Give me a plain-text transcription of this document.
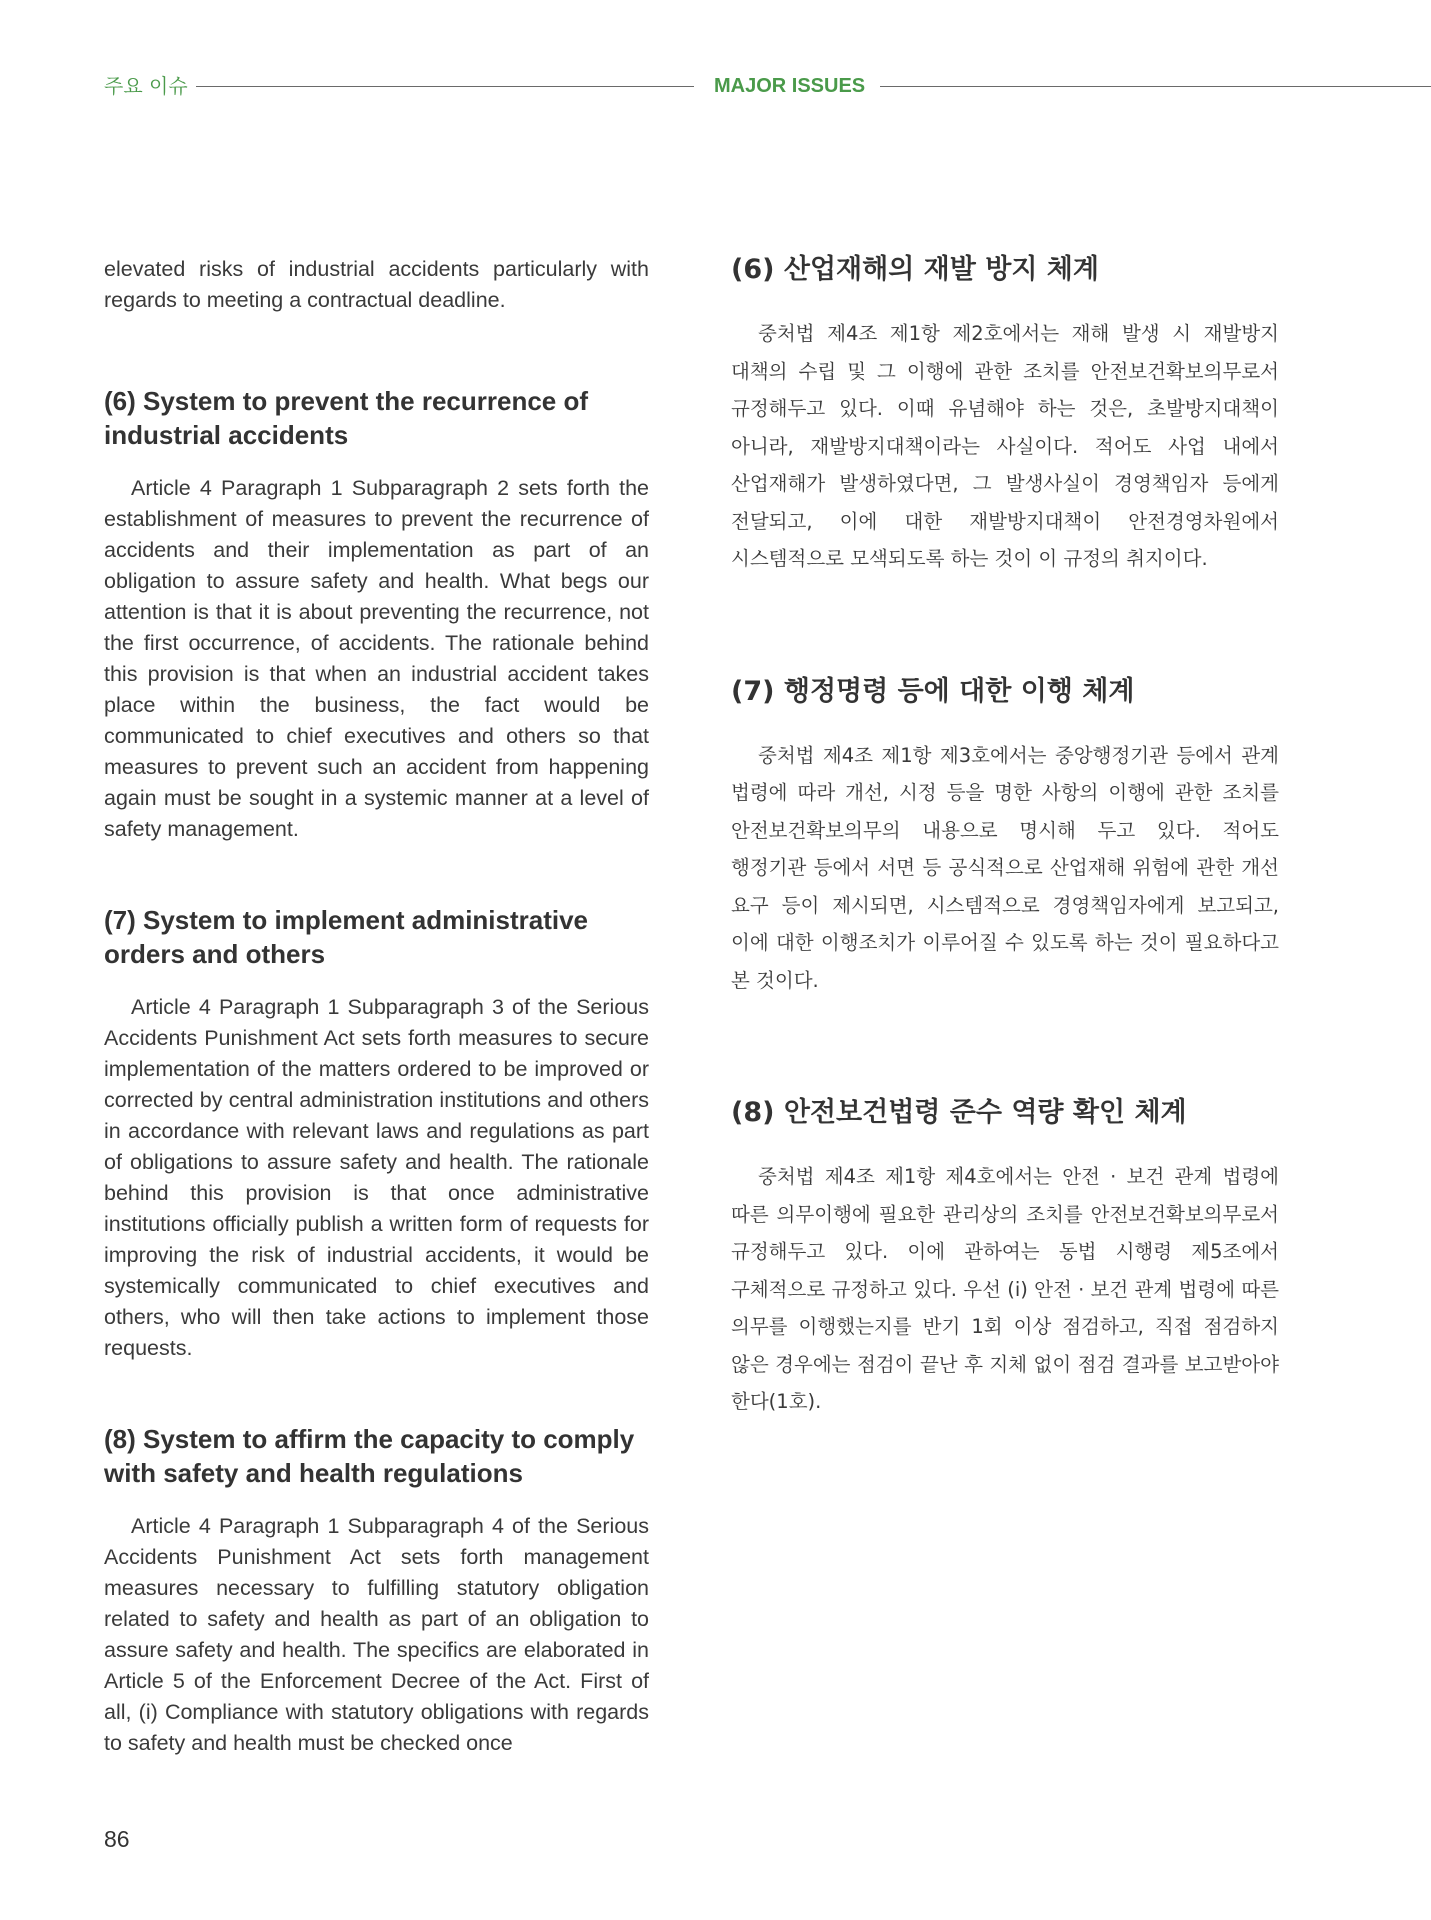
주요 이슈	MAJOR ISSUES

elevated risks of industrial accidents particularly with regards to meeting a contractual deadline.

(6) System to prevent the recurrence of industrial accidents

Article 4 Paragraph 1 Subparagraph 2 sets forth the establishment of measures to prevent the recurrence of accidents and their implementation as part of an obligation to assure safety and health. What begs our attention is that it is about preventing the recurrence, not the first occurrence, of accidents. The rationale behind this provision is that when an industrial accident takes place within the business, the fact would be communicated to chief executives and others so that measures to prevent such an accident from happening again must be sought in a systemic manner at a level of safety management.

(7) System to implement administrative orders and others

Article 4 Paragraph 1 Subparagraph 3 of the Serious Accidents Punishment Act sets forth measures to secure implementation of the matters ordered to be improved or corrected by central administration institutions and others in accordance with relevant laws and regulations as part of obligations to assure safety and health. The rationale behind this provision is that once administrative institutions officially publish a written form of requests for improving the risk of industrial accidents, it would be systemically communicated to chief executives and others, who will then take actions to implement those requests.

(8) System to affirm the capacity to comply with safety and health regulations

Article 4 Paragraph 1 Subparagraph 4 of the Serious Accidents Punishment Act sets forth management measures necessary to fulfilling statutory obligation related to safety and health as part of an obligation to assure safety and health. The specifics are elaborated in Article 5 of the Enforcement Decree of the Act. First of all, (i) Compliance with statutory obligations with regards to safety and health must be checked once

(6) 산업재해의 재발 방지 체계

중처법 제4조 제1항 제2호에서는 재해 발생 시 재발방지 대책의 수립 및 그 이행에 관한 조치를 안전보건확보의무로서 규정해두고 있다. 이때 유념해야 하는 것은, 초발방지대책이 아니라, 재발방지대책이라는 사실이다. 적어도 사업 내에서 산업재해가 발생하였다면, 그 발생사실이 경영책임자 등에게 전달되고, 이에 대한 재발방지대책이 안전경영차원에서 시스템적으로 모색되도록 하는 것이 이 규정의 취지이다.

(7) 행정명령 등에 대한 이행 체계

중처법 제4조 제1항 제3호에서는 중앙행정기관 등에서 관계 법령에 따라 개선, 시정 등을 명한 사항의 이행에 관한 조치를 안전보건확보의무의 내용으로 명시해 두고 있다. 적어도 행정기관 등에서 서면 등 공식적으로 산업재해 위험에 관한 개선 요구 등이 제시되면, 시스템적으로 경영책임자에게 보고되고, 이에 대한 이행조치가 이루어질 수 있도록 하는 것이 필요하다고 본 것이다.

(8) 안전보건법령 준수 역량 확인 체계

중처법 제4조 제1항 제4호에서는 안전 · 보건 관계 법령에 따른 의무이행에 필요한 관리상의 조치를 안전보건확보의무로서 규정해두고 있다. 이에 관하여는 동법 시행령 제5조에서 구체적으로 규정하고 있다. 우선 (i) 안전 · 보건 관계 법령에 따른 의무를 이행했는지를 반기 1회 이상 점검하고, 직접 점검하지 않은 경우에는 점검이 끝난 후 지체 없이 점검 결과를 보고받아야 한다(1호).

86
